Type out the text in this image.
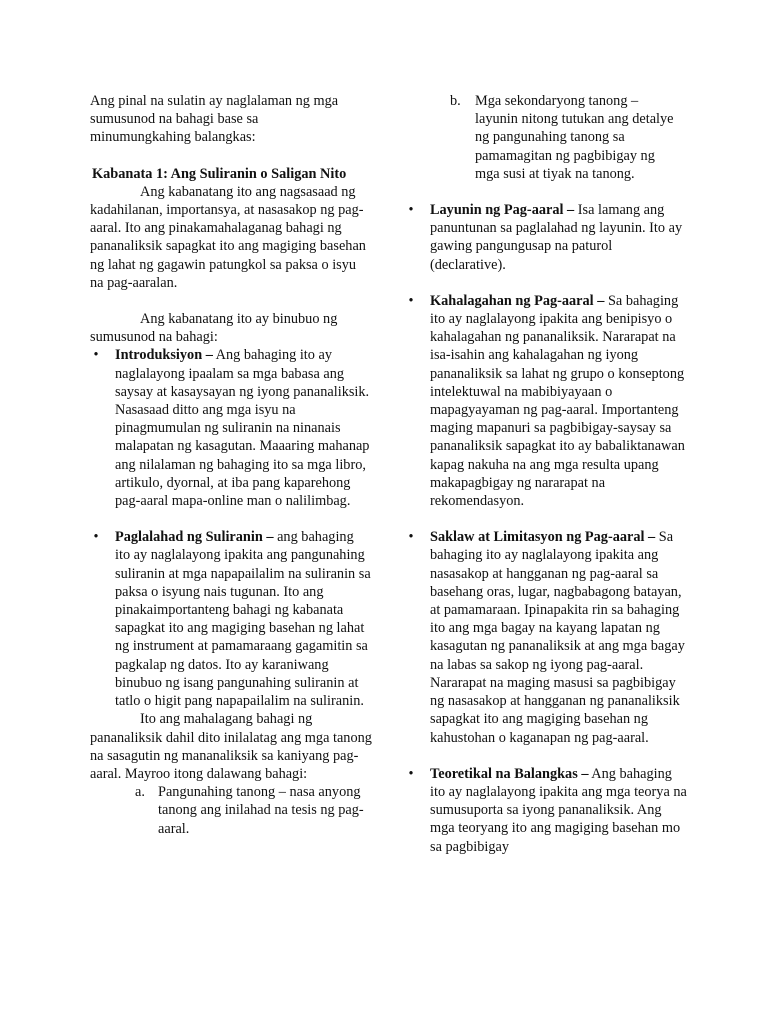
Ang pinal na sulatin ay naglalaman ng mga sumusunod na bahagi base sa minumungkahing balangkas:

Kabanata 1: Ang Suliranin o Saligan Nito

Ang kabanatang ito ang nagsasaad ng kadahilanan, importansya, at nasasakop ng pag-aaral. Ito ang pinakamahalaganag bahagi ng pananaliksik sapagkat ito ang magiging basehan ng lahat ng gagawin patungkol sa paksa o isyu na pag-aaralan.

Ang kabanatang ito ay binubuo ng sumusunod na bahagi:

• Introduksiyon – Ang bahaging ito ay naglalayong ipaalam sa mga babasa ang saysay at kasaysayan ng iyong pananaliksik. Nasasaad ditto ang mga isyu na pinagmumulan ng suliranin na ninanais malapatan ng kasagutan. Maaaring mahanap ang nilalaman ng bahaging ito sa mga libro, artikulo, dyornal, at iba pang kaparehong pag-aaral mapa-online man o nalilimbag.
• Paglalahad ng Suliranin – ang bahaging ito ay naglalayong ipakita ang pangunahing suliranin at mga napapailalim na suliranin sa paksa o isyung nais tugunan. Ito ang pinakaimportanteng bahagi ng kabanata sapagkat ito ang magiging basehan ng lahat ng instrument at pamamaraang gagamitin sa pagkalap ng datos. Ito ay karaniwang binubuo ng isang pangunahing suliranin at tatlo o higit pang napapailalim na suliranin.

Ito ang mahalagang bahagi ng pananaliksik dahil dito inilalatag ang mga tanong na sasagutin ng mananaliksik sa kaniyang pag-aaral. Mayroo itong dalawang bahagi:

a. Pangunahing tanong – nasa anyong tanong ang inilahad na tesis ng pag-aaral.
b. Mga sekondaryong tanong – layunin nitong tutukan ang detalye ng pangunahing tanong sa pamamagitan ng pagbibigay ng mga susi at tiyak na tanong.
• Layunin ng Pag-aaral – Isa lamang ang panuntunan sa paglalahad ng layunin. Ito ay gawing pangungusap na paturol (declarative).
• Kahalagahan ng Pag-aaral – Sa bahaging ito ay naglalayong ipakita ang benipisyo o kahalagahan ng pananaliksik. Nararapat na isa-isahin ang kahalagahan ng iyong pananaliksik sa lahat ng grupo o konseptong intelektuwal na mabibiyayaan o mapagyayaman ng pag-aaral. Importanteng maging mapanuri sa pagbibigay-saysay sa pananaliksik sapagkat ito ay babaliktanawan kapag nakuha na ang mga resulta upang makapagbigay ng nararapat na rekomendasyon.
• Saklaw at Limitasyon ng Pag-aaral – Sa bahaging ito ay naglalayong ipakita ang nasasakop at hangganan ng pag-aaral sa basehang oras, lugar, nagbabagong batayan, at pamamaraan. Ipinapakita rin sa bahaging ito ang mga bagay na kayang lapatan ng kasagutan ng pananaliksik at ang mga bagay na labas sa sakop ng iyong pag-aaral. Nararapat na maging masusi sa pagbibigay ng nasasakop at hangganan ng pananaliksik sapagkat ito ang magiging basehan ng kahustohan o kaganapan ng pag-aaral.
• Teoretikal na Balangkas – Ang bahaging ito ay naglalayong ipakita ang mga teorya na sumusuporta sa iyong pananaliksik. Ang mga teoryang ito ang magiging basehan mo sa pagbibigay
